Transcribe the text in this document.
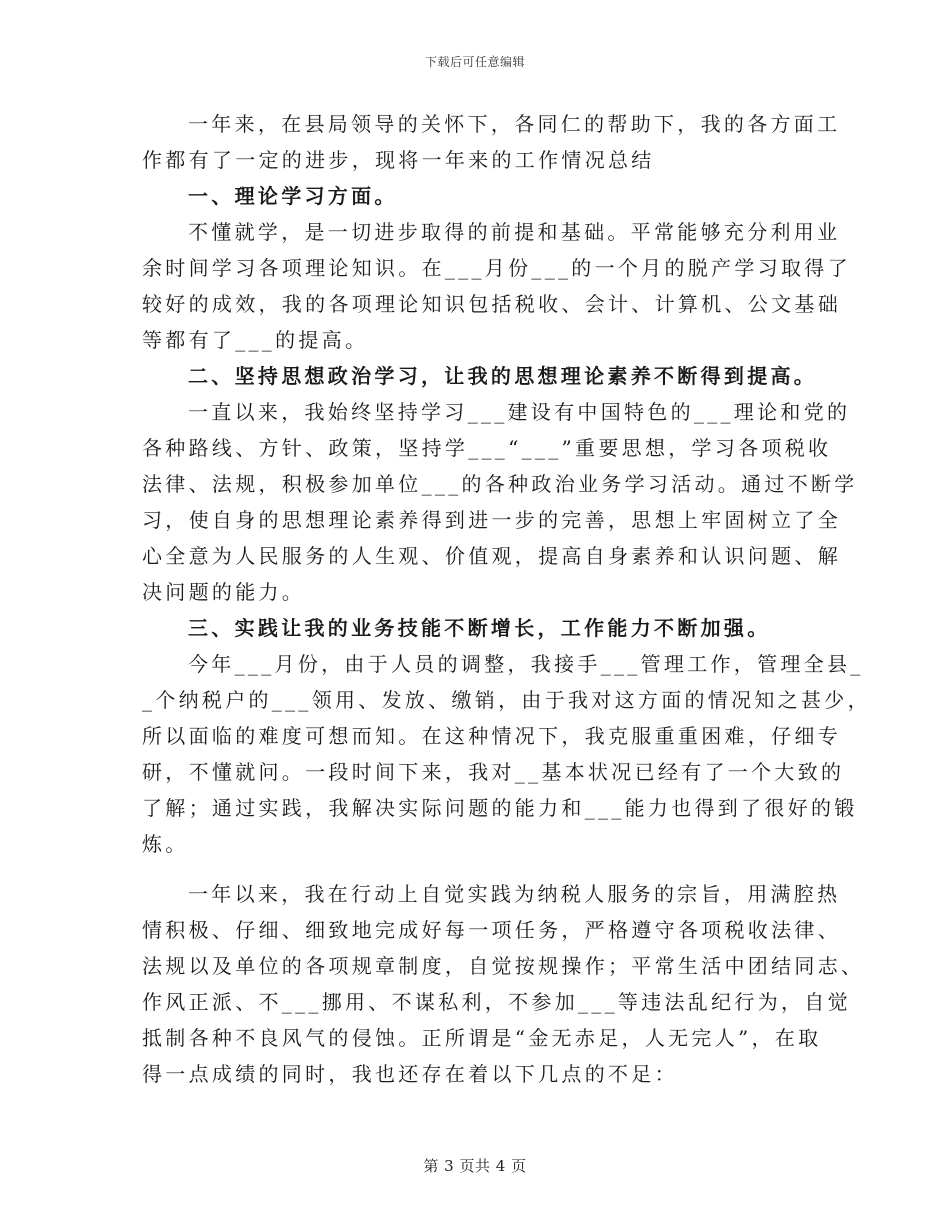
下载后可任意编辑
一年来，在县局领导的关怀下，各同仁的帮助下，我的各方面工
作都有了一定的进步，现将一年来的工作情况总结
一、理论学习方面。
不懂就学，是一切进步取得的前提和基础。平常能够充分利用业
余时间学习各项理论知识。在___月份___的一个月的脱产学习取得了
较好的成效，我的各项理论知识包括税收、会计、计算机、公文基础
等都有了___的提高。
二、坚持思想政治学习，让我的思想理论素养不断得到提高。
一直以来，我始终坚持学习___建设有中国特色的___理论和党的
各种路线、方针、政策，坚持学___“___”重要思想，学习各项税收
法律、法规，积极参加单位___的各种政治业务学习活动。通过不断学
习，使自身的思想理论素养得到进一步的完善，思想上牢固树立了全
心全意为人民服务的人生观、价值观，提高自身素养和认识问题、解
决问题的能力。
三、实践让我的业务技能不断增长，工作能力不断加强。
今年___月份，由于人员的调整，我接手___管理工作，管理全县_
_个纳税户的___领用、发放、缴销，由于我对这方面的情况知之甚少，
所以面临的难度可想而知。在这种情况下，我克服重重困难，仔细专
研，不懂就问。一段时间下来，我对__基本状况已经有了一个大致的
了解；通过实践，我解决实际问题的能力和___能力也得到了很好的锻
炼。
一年以来，我在行动上自觉实践为纳税人服务的宗旨，用满腔热
情积极、仔细、细致地完成好每一项任务，严格遵守各项税收法律、
法规以及单位的各项规章制度，自觉按规操作；平常生活中团结同志、
作风正派、不___挪用、不谋私利，不参加___等违法乱纪行为，自觉
抵制各种不良风气的侵蚀。正所谓是“金无赤足，人无完人”，在取
得一点成绩的同时，我也还存在着以下几点的不足：
第 3 页共 4 页
